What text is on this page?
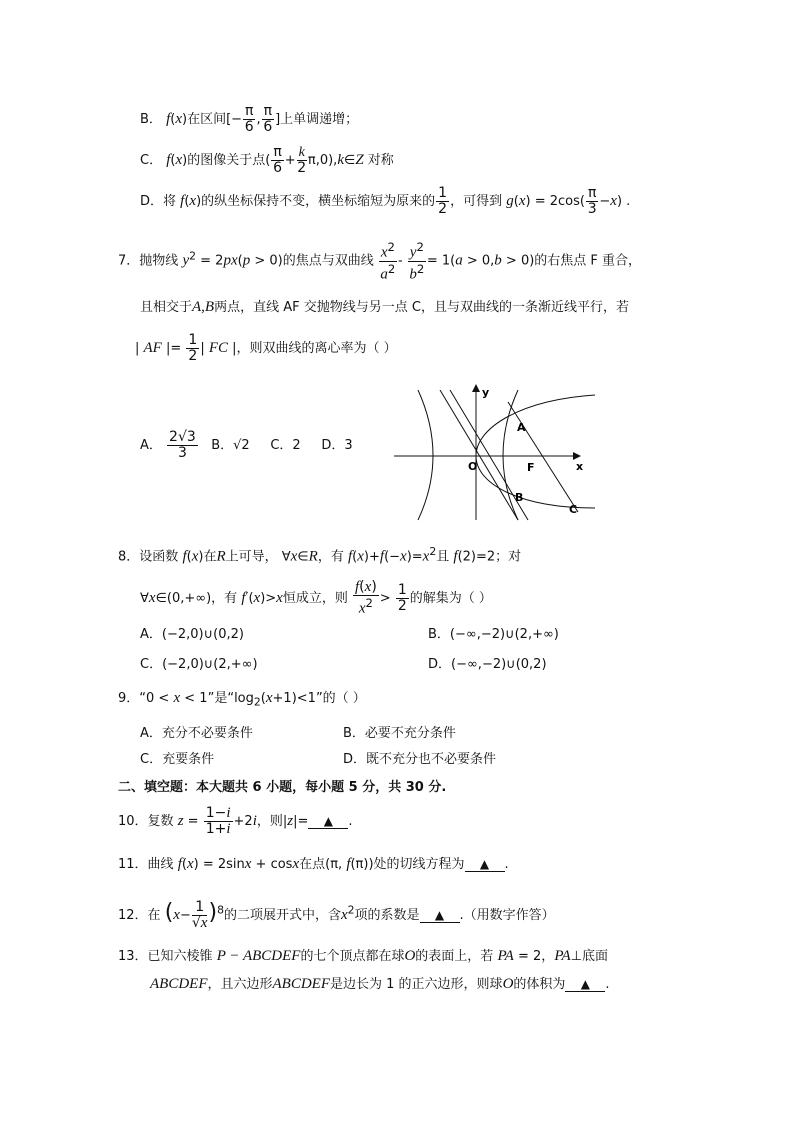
B． f(x)在区间[− $\frac{\pi}{6}$ , $\frac{\pi}{6}$ ]上单调递增；
C． f(x)的图像关于点( $\frac{\pi}{6} + \frac{k}{2}$ π,0),k∈Z 对称
D．将 f(x)的纵坐标保持不变，横坐标缩短为原来的 $\frac{1}{2}$ ，可得到 $g(x) = 2\cos( \frac{\pi}{3} -x)$ .
7．抛物线 $y^2 = 2px(p > 0)$的焦点与双曲线 $\frac{x^2}{a^2} - \frac{y^2}{b^2} = 1(a > 0,b > 0)$的右焦点 F 重合，
且相交于A,B两点，直线 AF 交抛物线与另一点 C，且与双曲线的一条渐近线平行，若
| AF |= $\frac{1}{2}$ | FC |，则双曲线的离心率为（ ）
A． $\frac{2√3}{3}$ B．√2     C．2 D．3
y
x
O
A
F
B
C
8．设函数 f(x)在R上可导， ∀x∈R，有 $f(x)+f(-x)=x^2$且 f(2)=2；对
∀x∈(0,+∞)，有 f′(x)>x恒成立，则 $\frac{f(x)}{x^2} > \frac{1}{2}$ 的解集为（ ）
A．(−2,0)∪(0,2)	B．(−∞,−2)∪(2,+∞)
C．(−2,0)∪(2,+∞)	D．(−∞,−2)∪(0,2)
9．“0 < x < 1”是“$\log_2(x+1)<1$”的（ ）
A．充分不必要条件	B．必要不充分条件
C．充要条件	D．既不充分也不必要条件
二、填空题：本大题共 6 小题，每小题 5 分，共 30 分.
10．复数 $z = \frac{1-i}{1+i} +2i$，则|z|= ▲ .
11．曲线 f(x) = 2sinx + cosx在点(π, f(π))处的切线方程为 ▲ .
12．在 $(x- \frac{1}{√x} )^8$的二项展开式中，含$x^2$项的系数是 ▲ .（用数字作答）
13．已知六棱锥 P − ABCDEF的七个顶点都在球O的表面上，若 PA = 2，PA⊥底面
ABCDEF，且六边形ABCDEF是边长为 1 的正六边形，则球O的体积为 ▲ .
